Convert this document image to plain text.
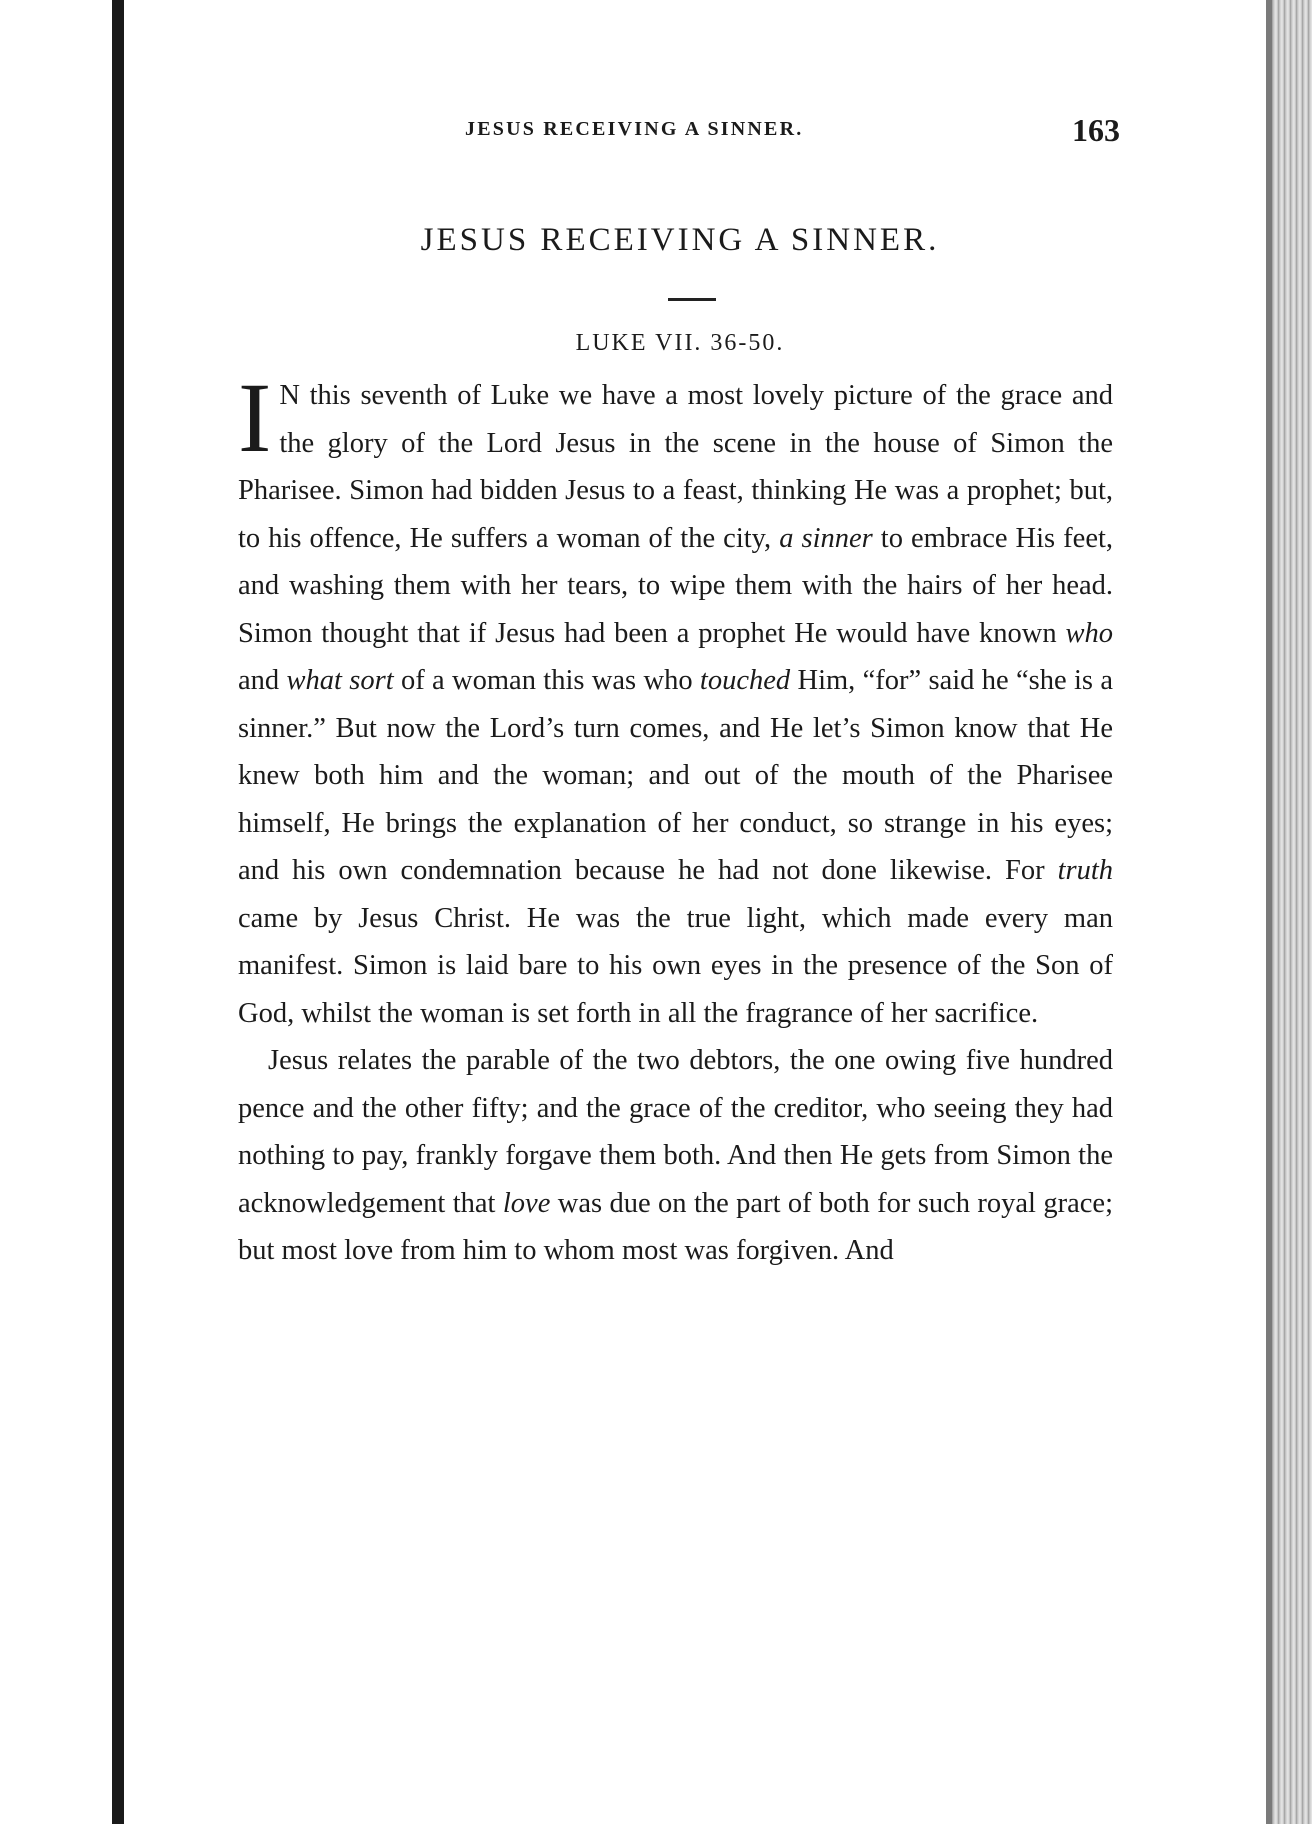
JESUS RECEIVING A SINNER.	163
JESUS RECEIVING A SINNER.
LUKE VII. 36-50.

I N this seventh of Luke we have a most lovely picture of the grace and the glory of the Lord Jesus in the scene in the house of Simon the Pharisee. Simon had bidden Jesus to a feast, thinking He was a prophet; but, to his offence, He suffers a woman of the city, a sinner to embrace His feet, and washing them with her tears, to wipe them with the hairs of her head. Simon thought that if Jesus had been a prophet He would have known who and what sort of a woman this was who touched Him, “for” said he “she is a sinner.” But now the Lord’s turn comes, and He let’s Simon know that He knew both him and the woman; and out of the mouth of the Pharisee himself, He brings the explanation of her conduct, so strange in his eyes; and his own condemnation because he had not done likewise. For truth came by Jesus Christ. He was the true light, which made every man manifest. Simon is laid bare to his own eyes in the presence of the Son of God, whilst the woman is set forth in all the fragrance of her sacrifice.

Jesus relates the parable of the two debtors, the one owing five hundred pence and the other fifty; and the grace of the creditor, who seeing they had nothing to pay, frankly forgave them both. And then He gets from Simon the acknowledgement that love was due on the part of both for such royal grace; but most love from him to whom most was forgiven. And
